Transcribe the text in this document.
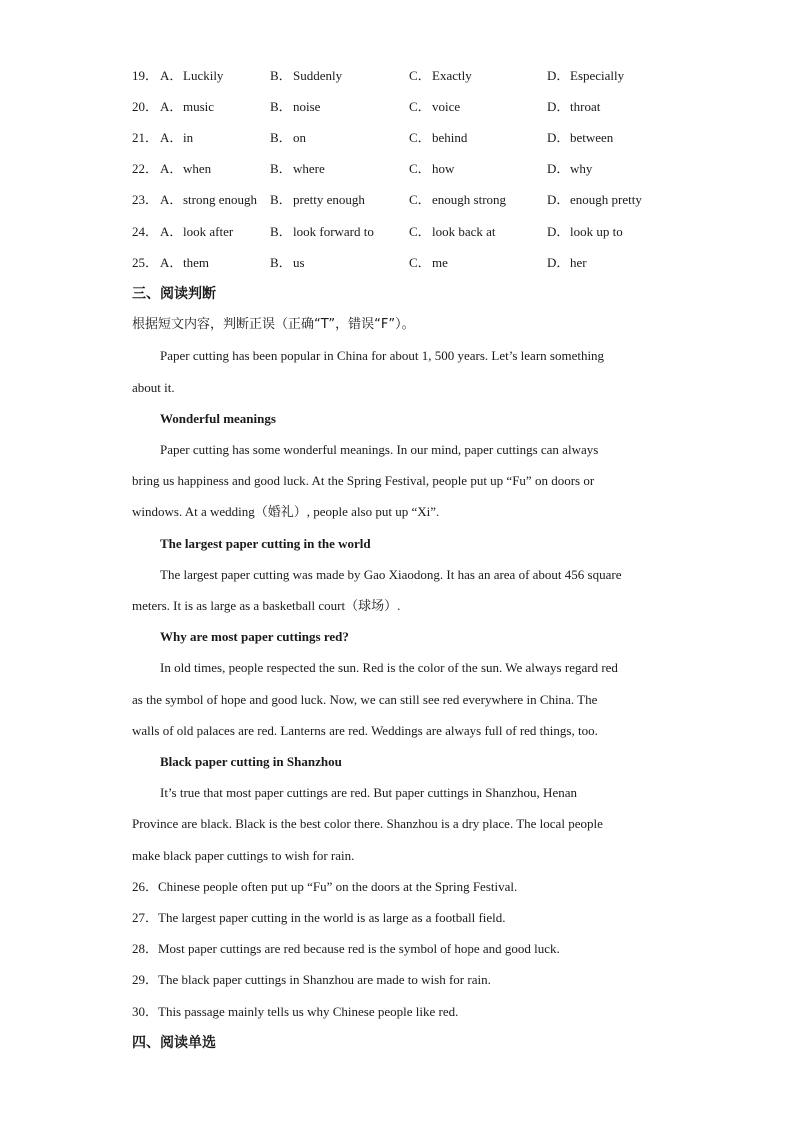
19． A．Luckily	B．Suddenly	C．Exactly	D．Especially
20． A．music	B．noise	C．voice	D．throat
21． A．in	B．on	C．behind	D．between
22． A．when	B．where	C．how	D．why
23． A．strong enough B．pretty enough	C．enough strong	D．enough pretty
24． A．look after	B．look forward to	C．look back at	D．look up to
25． A．them	B．us	C．me	D．her
三、阅读判断
根据短文内容，判断正误（正确“T”，错误“F”）。
Paper cutting has been popular in China for about 1, 500 years. Let’s learn something
about it.
Wonderful meanings
Paper cutting has some wonderful meanings. In our mind, paper cuttings can always
bring us happiness and good luck. At the Spring Festival, people put up “Fu” on doors or
windows. At a wedding（婚礼）, people also put up “Xi”.
The largest paper cutting in the world
The largest paper cutting was made by Gao Xiaodong. It has an area of about 456 square
meters. It is as large as a basketball court（球场）.
Why are most paper cuttings red?
In old times, people respected the sun. Red is the color of the sun. We always regard red
as the symbol of hope and good luck. Now, we can still see red everywhere in China. The
walls of old palaces are red. Lanterns are red. Weddings are always full of red things, too.
Black paper cutting in Shanzhou
It’s true that most paper cuttings are red. But paper cuttings in Shanzhou, Henan
Province are black. Black is the best color there. Shanzhou is a dry place. The local people
make black paper cuttings to wish for rain.
26．Chinese people often put up “Fu” on the doors at the Spring Festival.
27．The largest paper cutting in the world is as large as a football field.
28．Most paper cuttings are red because red is the symbol of hope and good luck.
29．The black paper cuttings in Shanzhou are made to wish for rain.
30．This passage mainly tells us why Chinese people like red.
四、阅读单选
